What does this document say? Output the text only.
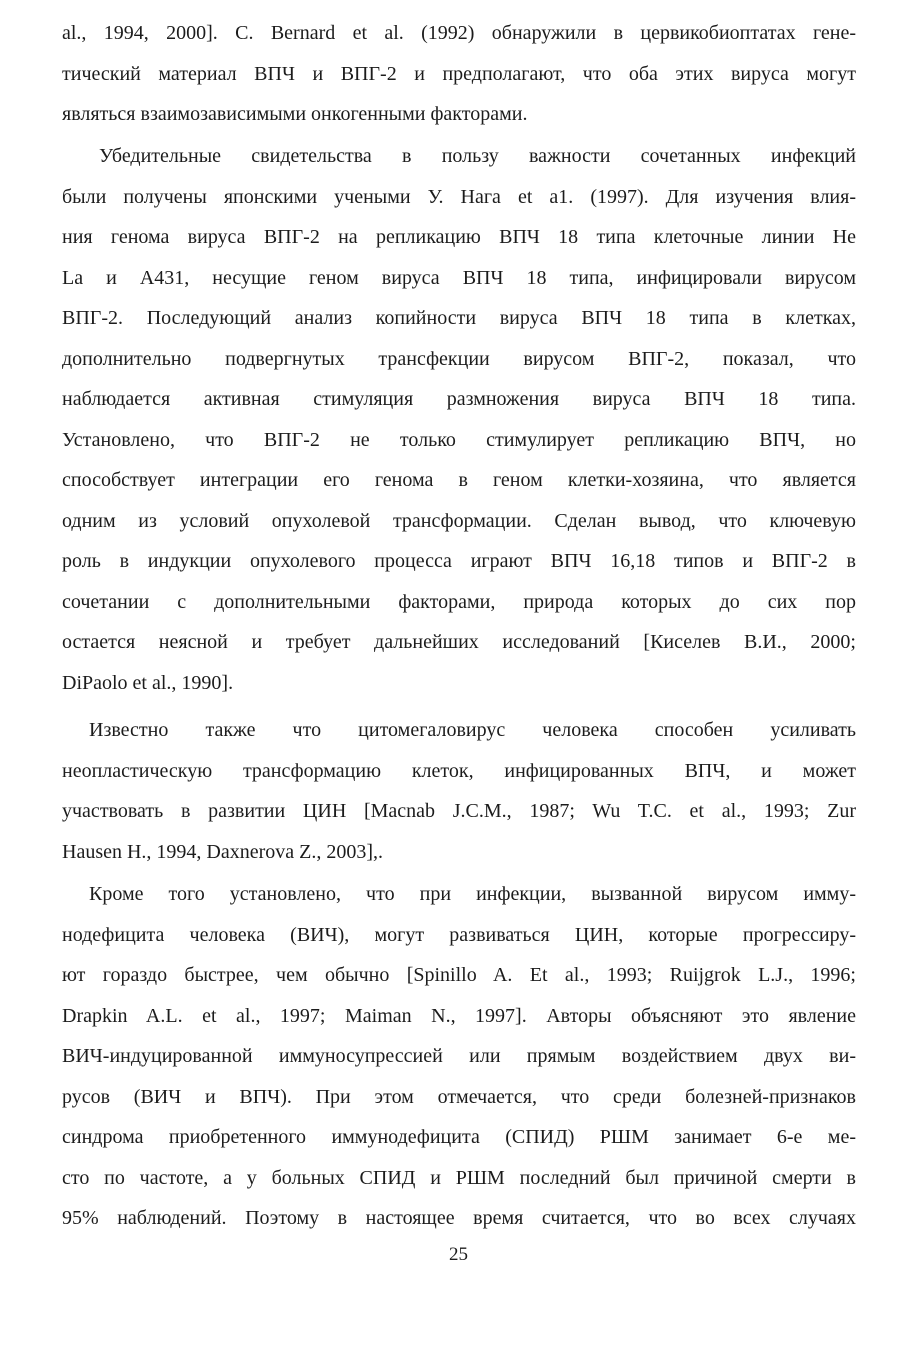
al., 1994, 2000]. C. Bernard et al. (1992) обнаружили в цервикобиоптатах гене-
тический материал ВПЧ и ВПГ-2 и предполагают, что оба этих вируса могут
являться взаимозависимыми онкогенными факторами.
Убедительные свидетельства в пользу важности сочетанных инфекций
были получены японскими учеными У. Нага et a1. (1997). Для изучения влия-
ния генома вируса ВПГ-2 на репликацию ВПЧ 18 типа клеточные линии Не
La и А431, несущие геном вируса ВПЧ 18 типа, инфицировали вирусом
ВПГ-2. Последующий анализ копийности вируса ВПЧ 18 типа в клетках,
дополнительно подвергнутых трансфекции вирусом ВПГ-2, показал, что
наблюдается активная стимуляция размножения вируса ВПЧ 18 типа.
Установлено, что ВПГ-2 не только стимулирует репликацию ВПЧ, но
способствует интеграции его генома в геном клетки-хозяина, что является
одним из условий опухолевой трансформации. Сделан вывод, что ключевую
роль в индукции опухолевого процесса играют ВПЧ 16,18 типов и ВПГ-2 в
сочетании с дополнительными факторами, природа которых до сих пор
остается неясной и требует дальнейших исследований [Киселев В.И., 2000;
DiPaolo et al., 1990].
Известно также что цитомегаловирус человека способен усиливать
неопластическую трансформацию клеток, инфицированных ВПЧ, и может
участвовать в развитии ЦИН [Macnab J.C.M., 1987; Wu T.C. et al., 1993; Zur
Hausen H., 1994, Daxnerova Z., 2003],.
Кроме того установлено, что при инфекции, вызванной вирусом имму-
нодефицита человека (ВИЧ), могут развиваться ЦИН, которые прогрессиру-
ют гораздо быстрее, чем обычно [Spinillo A. Et al., 1993; Ruijgrok L.J., 1996;
Drapkin A.L. et al., 1997; Maiman N., 1997]. Авторы объясняют это явление
ВИЧ-индуцированной иммуносупрессией или прямым воздействием двух ви-
русов (ВИЧ и ВПЧ). При этом отмечается, что среди болезней-признаков
синдрома приобретенного иммунодефицита (СПИД) РШМ занимает 6-е ме-
сто по частоте, а у больных СПИД и РШМ последний был причиной смерти в
95% наблюдений. Поэтому в настоящее время считается, что во всех случаях
25
